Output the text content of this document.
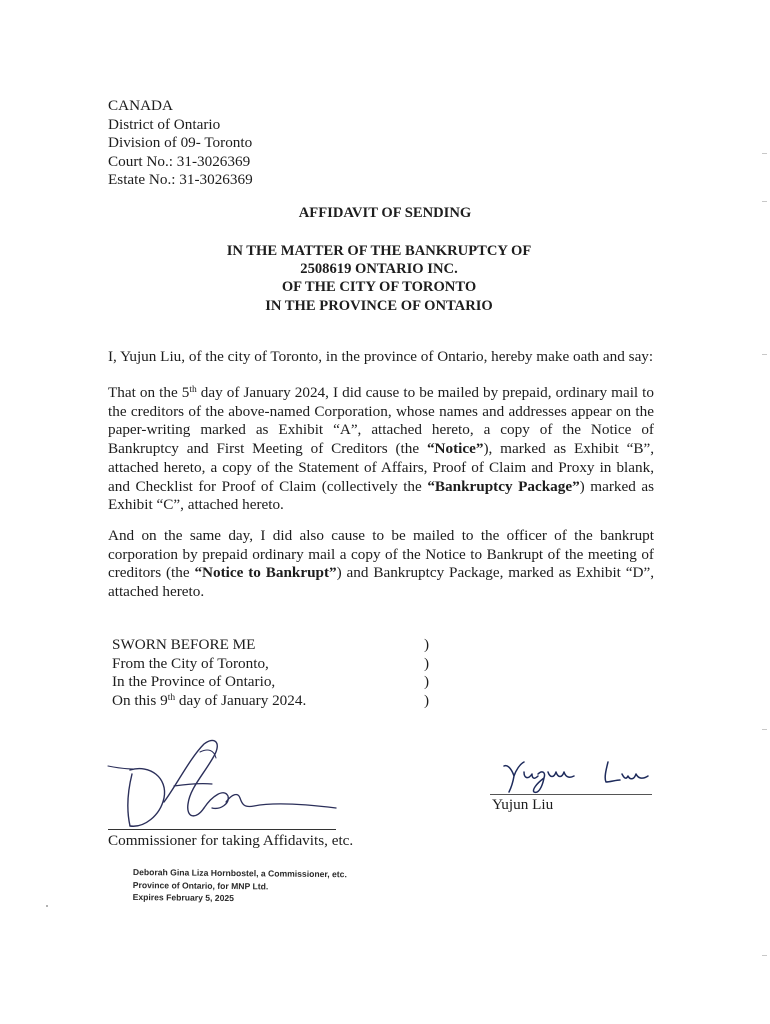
CANADA
District of Ontario
Division of 09- Toronto
Court No.: 31-3026369
Estate No.: 31-3026369
AFFIDAVIT OF SENDING
IN THE MATTER OF THE BANKRUPTCY OF
2508619 ONTARIO INC.
OF THE CITY OF TORONTO
IN THE PROVINCE OF ONTARIO
I, Yujun Liu, of the city of Toronto, in the province of Ontario, hereby make oath and say:
That on the 5th day of January 2024, I did cause to be mailed by prepaid, ordinary mail to the creditors of the above-named Corporation, whose names and addresses appear on the paper-writing marked as Exhibit “A”, attached hereto, a copy of the Notice of Bankruptcy and First Meeting of Creditors (the “Notice”), marked as Exhibit “B”, attached hereto, a copy of the Statement of Affairs, Proof of Claim and Proxy in blank, and Checklist for Proof of Claim (collectively the “Bankruptcy Package”) marked as Exhibit “C”, attached hereto.
And on the same day, I did also cause to be mailed to the officer of the bankrupt corporation by prepaid ordinary mail a copy of the Notice to Bankrupt of the meeting of creditors (the “Notice to Bankrupt”) and Bankruptcy Package, marked as Exhibit “D”, attached hereto.
SWORN BEFORE ME
From the City of Toronto,
In the Province of Ontario,
On this 9th day of January 2024.
)
)
)
)
Commissioner for taking Affidavits, etc.
Deborah Gina Liza Hornbostel, a Commissioner, etc.
Province of Ontario, for MNP Ltd.
Expires February 5, 2025
Yujun Liu
